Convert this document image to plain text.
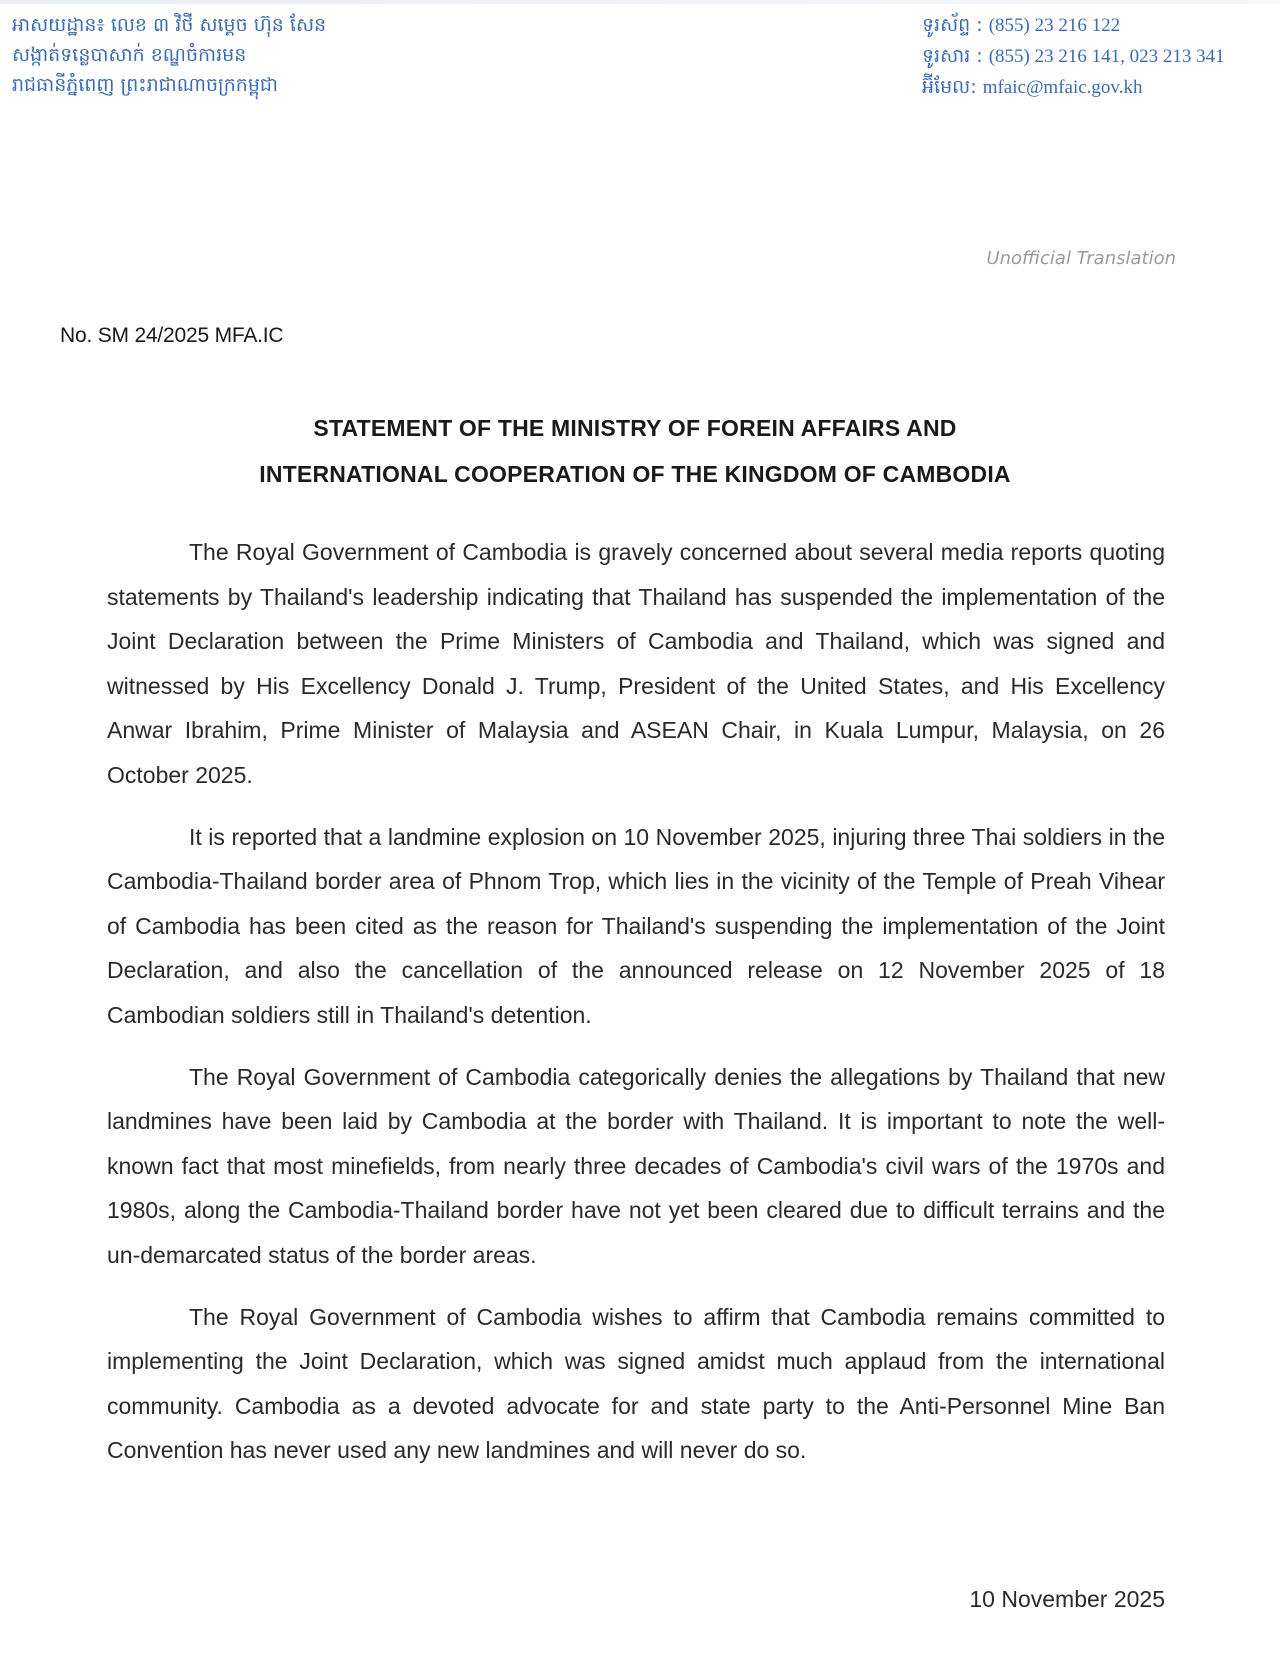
អាសយដ្ឋាន៖ លេខ ៣ វិថី សម្ដេច ហ៊ុន សែន
សង្កាត់ទន្លេបាសាក់ ខណ្ឌចំការមន
រាជធានីភ្នំពេញ ព្រះរាជាណាចក្រកម្ពុជា
ទូរស័ព្ទ : (855) 23 216 122
ទូរសារ : (855) 23 216 141, 023 213 341
អ៊ីមែល: mfaic@mfaic.gov.kh
Unofficial Translation
No. SM 24/2025 MFA.IC
STATEMENT OF THE MINISTRY OF FOREIN AFFAIRS AND
INTERNATIONAL COOPERATION OF THE KINGDOM OF CAMBODIA

The Royal Government of Cambodia is gravely concerned about several media reports quoting statements by Thailand's leadership indicating that Thailand has suspended the implementation of the Joint Declaration between the Prime Ministers of Cambodia and Thailand, which was signed and witnessed by His Excellency Donald J. Trump, President of the United States, and His Excellency Anwar Ibrahim, Prime Minister of Malaysia and ASEAN Chair, in Kuala Lumpur, Malaysia, on 26 October 2025.

It is reported that a landmine explosion on 10 November 2025, injuring three Thai soldiers in the Cambodia-Thailand border area of Phnom Trop, which lies in the vicinity of the Temple of Preah Vihear of Cambodia has been cited as the reason for Thailand's suspending the implementation of the Joint Declaration, and also the cancellation of the announced release on 12 November 2025 of 18 Cambodian soldiers still in Thailand's detention.

The Royal Government of Cambodia categorically denies the allegations by Thailand that new landmines have been laid by Cambodia at the border with Thailand. It is important to note the well-known fact that most minefields, from nearly three decades of Cambodia's civil wars of the 1970s and 1980s, along the Cambodia-Thailand border have not yet been cleared due to difficult terrains and the un-demarcated status of the border areas.

The Royal Government of Cambodia wishes to affirm that Cambodia remains committed to implementing the Joint Declaration, which was signed amidst much applaud from the international community. Cambodia as a devoted advocate for and state party to the Anti-Personnel Mine Ban Convention has never used any new landmines and will never do so.

10 November 2025
